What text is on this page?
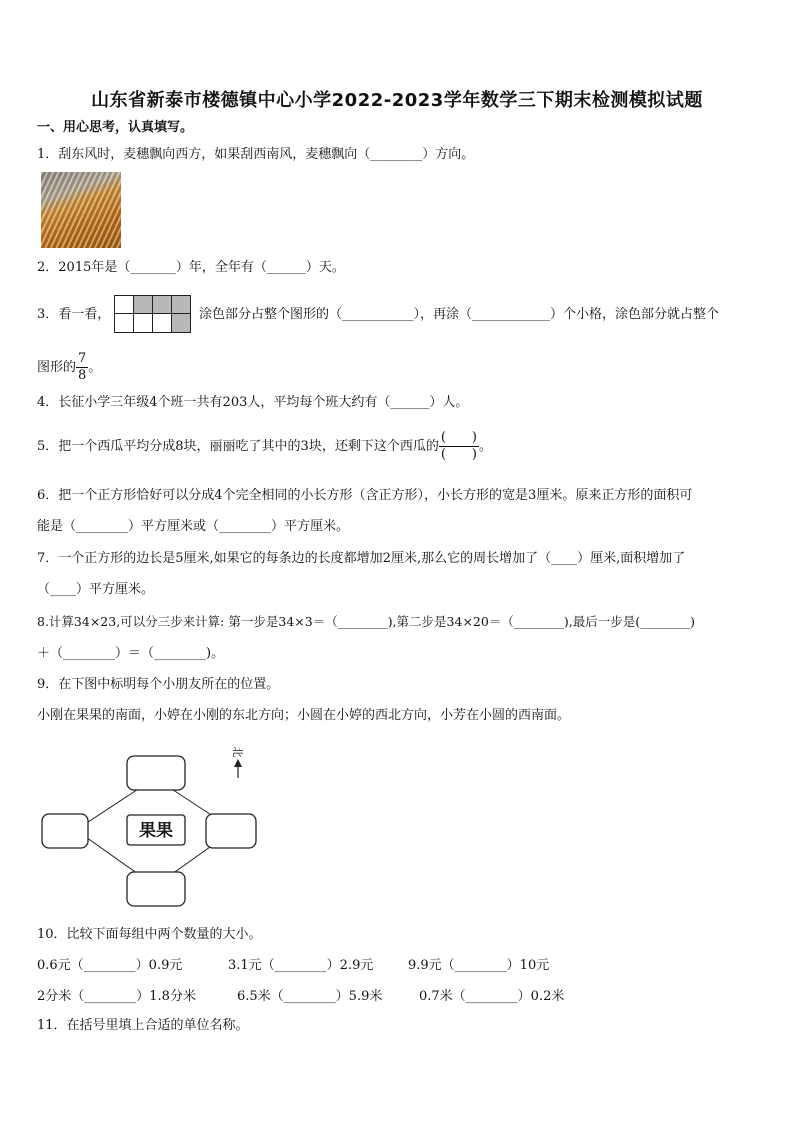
山东省新泰市楼德镇中心小学2022-2023学年数学三下期末检测模拟试题
一、用心思考，认真填写。
1．刮东风时，麦穗飘向西方，如果刮西南风，麦穗飘向（________）方向。
2．2015年是（_______）年，全年有（______）天。
3．看一看，	涂色部分占整个图形的（___________），再涂（____________）个小格，涂色部分就占整个
图形的 $\frac{7}{8}$ 。
4．长征小学三年级4个班一共有203人，平均每个班大约有（______）人。
5．把一个西瓜平均分成8块，丽丽吃了其中的3块，还剩下这个西瓜的 $\frac{( )}{( )}$ 。
6．把一个正方形恰好可以分成4个完全相同的小长方形（含正方形），小长方形的宽是3厘米。原来正方形的面积可
能是（________）平方厘米或（________）平方厘米。
7．一个正方形的边长是5厘米,如果它的每条边的长度都增加2厘米,那么它的周长增加了（____）厘米,面积增加了
（____）平方厘米。
8.计算34×23,可以分三步来计算: 第一步是34×3＝（________),第二步是34×20＝（________),最后一步是(________)
＋（________）＝（________)。
9．在下图中标明每个小朋友所在的位置。
小刚在果果的南面，小婷在小刚的东北方向；小圆在小婷的西北方向，小芳在小圆的西南面。
果果
北
10．比较下面每组中两个数量的大小。
0.6元（________）0.9元	3.1元（________）2.9元	9.9元（________）10元
2分米（________）1.8分米	6.5米（________）5.9米	0.7米（________）0.2米
11．在括号里填上合适的单位名称。
